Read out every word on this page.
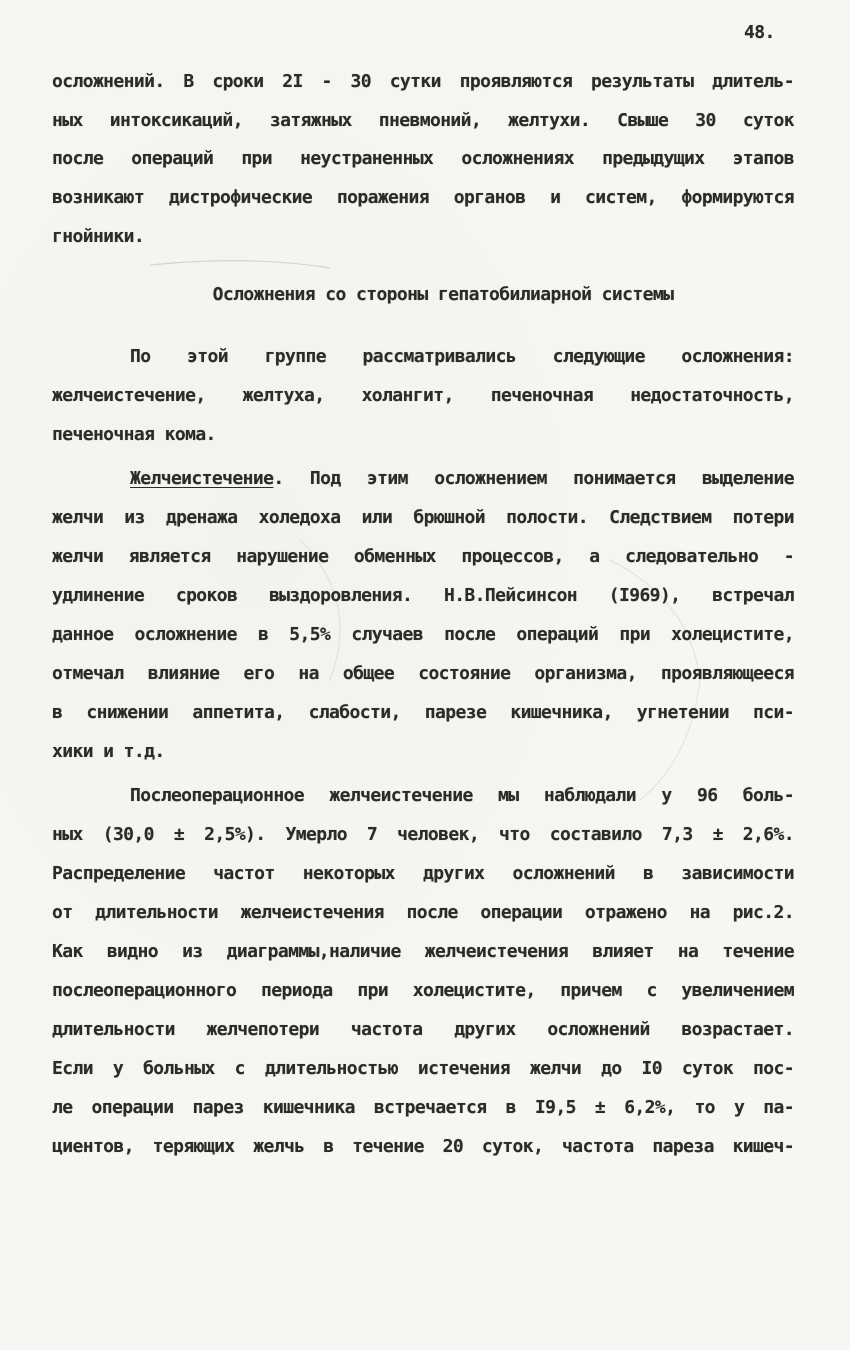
48.
осложнений. В сроки 2I - 30 сутки проявляются результаты длитель-
ных интоксикаций, затяжных пневмоний, желтухи. Свыше 30 суток
после операций при неустраненных осложнениях предыдущих этапов
возникают дистрофические поражения органов и систем, формируются
гнойники.
Осложнения со стороны гепатобилиарной системы
По этой группе рассматривались следующие осложнения:
желчеистечение, желтуха, холангит, печеночная недостаточность,
печеночная кома.
Желчеистечение . Под этим осложнением понимается выделение
желчи из дренажа холедоха или брюшной полости. Следствием потери
желчи является нарушение обменных процессов, а следовательно -
удлинение сроков выздоровления. Н.В.Пейсинсон (I969), встречал
данное осложнение в 5,5% случаев после операций при холецистите,
отмечал влияние его на общее состояние организма, проявляющееся
в снижении аппетита, слабости, парезе кишечника, угнетении пси-
хики и т.д.
Послеоперационное желчеистечение мы наблюдали у 96 боль-
ных (30,0 ± 2,5%). Умерло 7 человек, что составило 7,3 ± 2,6%.
Распределение частот некоторых других осложнений в зависимости
от длительности желчеистечения после операции отражено на рис.2.
Как видно из диаграммы,наличие желчеистечения влияет на течение
послеоперационного периода при холецистите, причем с увеличением
длительности желчепотери частота других осложнений возрастает.
Если у больных с длительностью истечения желчи до I0 суток пос-
ле операции парез кишечника встречается в I9,5 ± 6,2%, то у па-
циентов, теряющих желчь в течение 20 суток, частота пареза кишеч-
